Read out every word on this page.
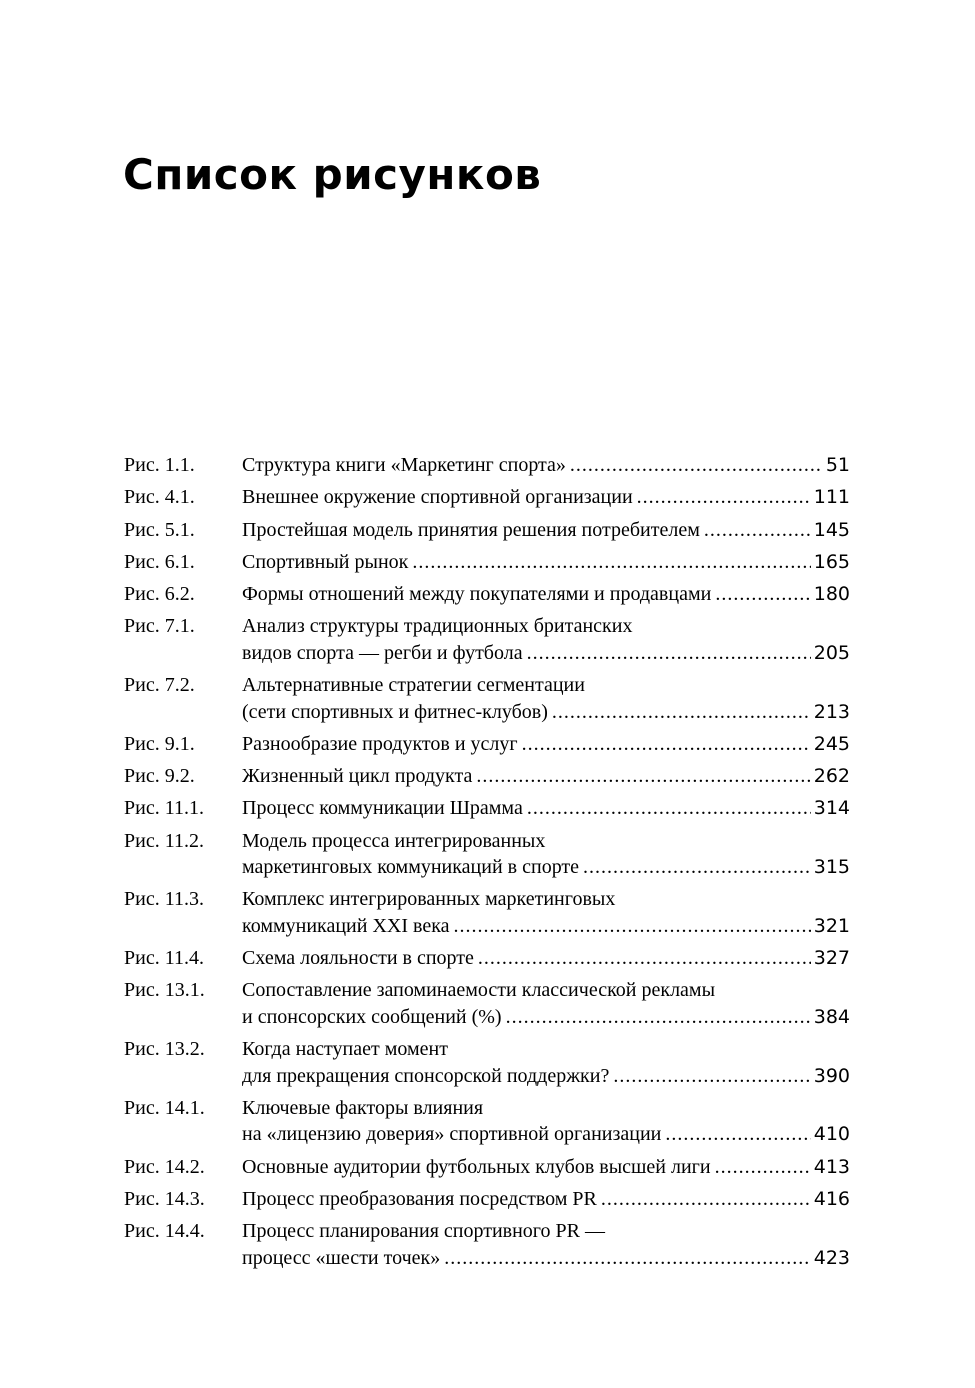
Список рисунков
Рис. 1.1.	Структура книги «Маркетинг спорта» .....	51
Рис. 4.1.	Внешнее окружение спортивной организации .....	111
Рис. 5.1.	Простейшая модель принятия решения потребителем .....	145
Рис. 6.1.	Спортивный рынок .....	165
Рис. 6.2.	Формы отношений между покупателями и продавцами .....	180
Рис. 7.1.	Анализ структуры традиционных британских
видов спорта — регби и футбола .....	205
Рис. 7.2.	Альтернативные стратегии сегментации
(сети спортивных и фитнес-клубов) .....	213
Рис. 9.1.	Разнообразие продуктов и услуг .....	245
Рис. 9.2.	Жизненный цикл продукта .....	262
Рис. 11.1.	Процесс коммуникации Шрамма .....	314
Рис. 11.2.	Модель процесса интегрированных
маркетинговых коммуникаций в спорте .....	315
Рис. 11.3.	Комплекс интегрированных маркетинговых
коммуникаций XXI века .....	321
Рис. 11.4.	Схема лояльности в спорте .....	327
Рис. 13.1.	Сопоставление запоминаемости классической рекламы
и спонсорских сообщений (%) .....	384
Рис. 13.2.	Когда наступает момент
для прекращения спонсорской поддержки? .....	390
Рис. 14.1.	Ключевые факторы влияния
на «лицензию доверия» спортивной организации .....	410
Рис. 14.2.	Основные аудитории футбольных клубов высшей лиги .....	413
Рис. 14.3.	Процесс преобразования посредством PR .....	416
Рис. 14.4.	Процесс планирования спортивного PR —
процесс «шести точек» .....	423
